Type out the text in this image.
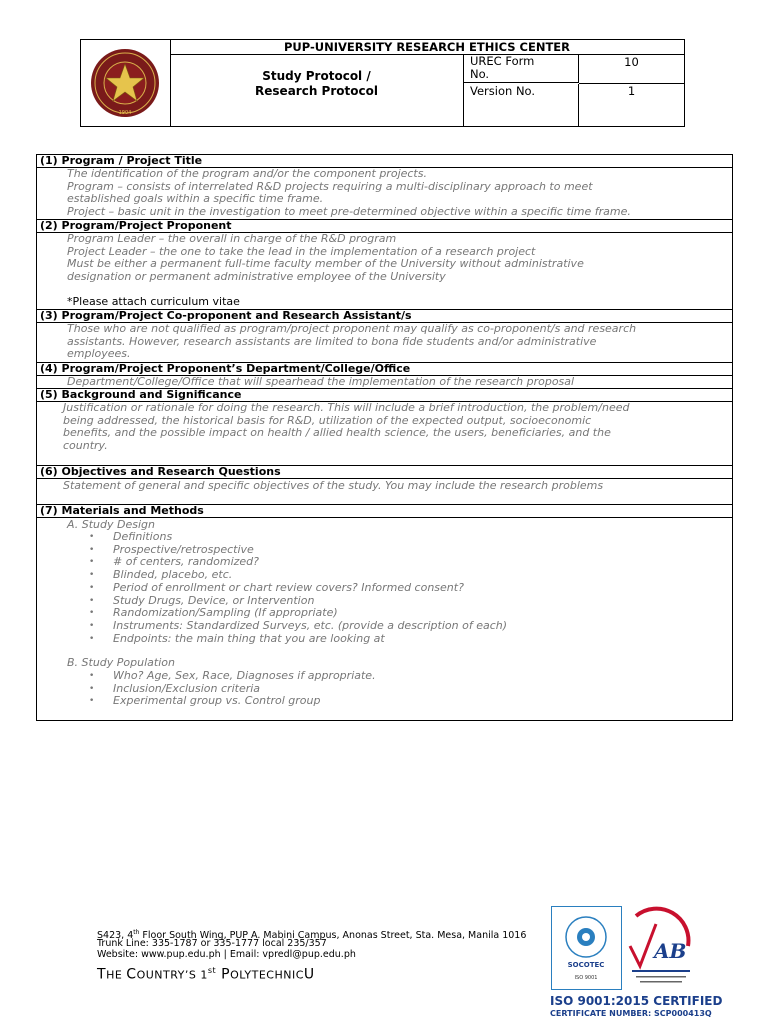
1904
PUP-UNIVERSITY RESEARCH ETHICS CENTER
Study Protocol /
Research Protocol
UREC Form
No.
10
Version No.	1
(1) Program / Project Title
The identification of the program and/or the component projects.
Program – consists of interrelated R&D projects requiring a multi-disciplinary approach to meet
established goals within a specific time frame.
Project – basic unit in the investigation to meet pre-determined objective within a specific time frame.
(2) Program/Project Proponent
Program Leader – the overall in charge of the R&D program
Project Leader – the one to take the lead in the implementation of a research project
Must be either a permanent full-time faculty member of the University without administrative
designation or permanent administrative employee of the University
*Please attach curriculum vitae
(3) Program/Project Co-proponent and Research Assistant/s
Those who are not qualified as program/project proponent may qualify as co-proponent/s and research
assistants. However, research assistants are limited to bona fide students and/or administrative
employees.
(4) Program/Project Proponent’s Department/College/Office
Department/College/Office that will spearhead the implementation of the research proposal
(5) Background and Significance
Justification or rationale for doing the research. This will include a brief introduction, the problem/need
being addressed, the historical basis for R&D, utilization of the expected output, socioeconomic
benefits, and the possible impact on health / allied health science, the users, beneficiaries, and the
country.
(6) Objectives and Research Questions
Statement of general and specific objectives of the study. You may include the research problems
(7) Materials and Methods
A. Study Design
• Definitions
• Prospective/retrospective
• # of centers, randomized?
• Blinded, placebo, etc.
• Period of enrollment or chart review covers? Informed consent?
• Study Drugs, Device, or Intervention
• Randomization/Sampling (If appropriate)
• Instruments: Standardized Surveys, etc. (provide a description of each)
• Endpoints: the main thing that you are looking at
B. Study Population
• Who? Age, Sex, Race, Diagnoses if appropriate.
• Inclusion/Exclusion criteria
• Experimental group vs. Control group
S423, 4th Floor South Wing, PUP A. Mabini Campus, Anonas Street, Sta. Mesa, Manila 1016
Trunk Line: 335-1787 or 335-1777 local 235/357
Website: www.pup.edu.ph | Email: vpredl@pup.edu.ph
THE COUNTRY’S 1st POLYTECHNICU
SOCOTEC
ISO 9001
AB
ISO 9001:2015 CERTIFIED
CERTIFICATE NUMBER: SCP000413Q
